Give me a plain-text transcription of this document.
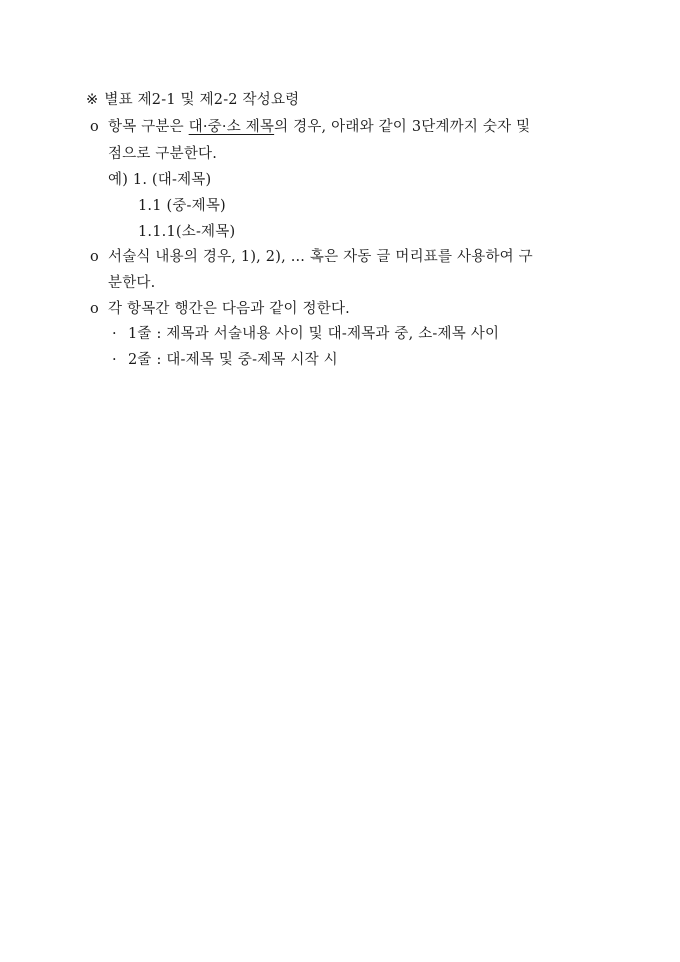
※ 별표 제2-1 및 제2-2 작성요령
o 항목 구분은 대·중·소 제목의 경우, 아래와 같이 3단계까지 숫자 및
점으로 구분한다.
예) 1. (대-제목)
1.1 (중-제목)
1.1.1(소-제목)
o 서술식 내용의 경우, 1), 2), ... 혹은 자동 글 머리표를 사용하여 구
분한다.
o 각 항목간 행간은 다음과 같이 정한다.
· 1줄 : 제목과 서술내용 사이 및 대-제목과 중, 소-제목 사이
· 2줄 : 대-제목 및 중-제목 시작 시
